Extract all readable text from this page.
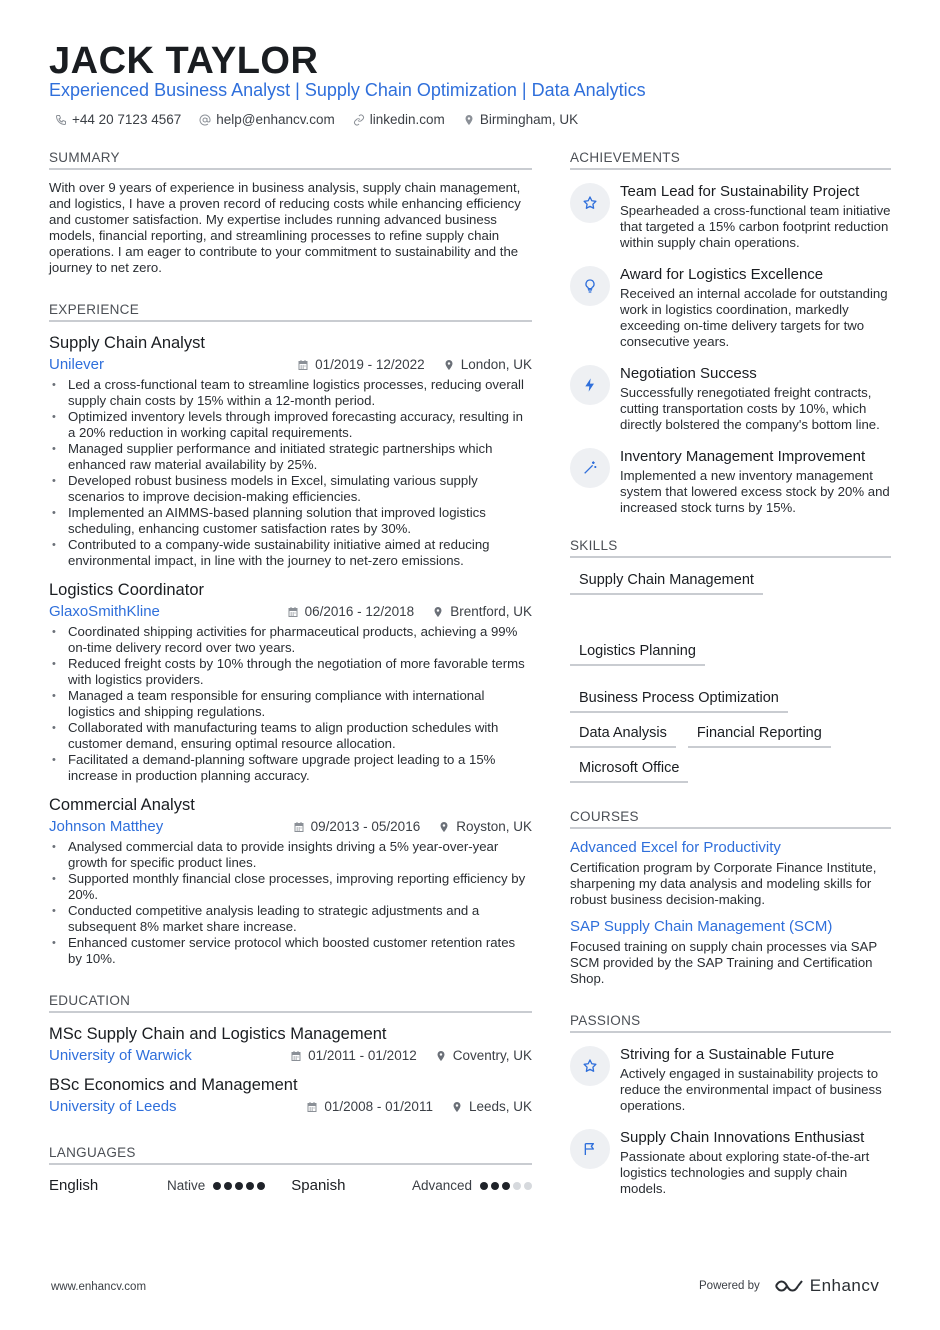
JACK TAYLOR
Experienced Business Analyst | Supply Chain Optimization | Data Analytics
+44 20 7123 4567	help@enhancv.com	linkedin.com	Birmingham, UK
SUMMARY
With over 9 years of experience in business analysis, supply chain management, and logistics, I have a proven record of reducing costs while enhancing efficiency and customer satisfaction. My expertise includes running advanced business models, financial reporting, and streamlining processes to refine supply chain operations. I am eager to contribute to your commitment to sustainability and the journey to net zero.
EXPERIENCE
Supply Chain Analyst
Unilever	01/2019 - 12/2022	London, UK
• Led a cross-functional team to streamline logistics processes, reducing overall supply chain costs by 15% within a 12-month period.
• Optimized inventory levels through improved forecasting accuracy, resulting in a 20% reduction in working capital requirements.
• Managed supplier performance and initiated strategic partnerships which enhanced raw material availability by 25%.
• Developed robust business models in Excel, simulating various supply scenarios to improve decision-making efficiencies.
• Implemented an AIMMS-based planning solution that improved logistics scheduling, enhancing customer satisfaction rates by 30%.
• Contributed to a company-wide sustainability initiative aimed at reducing environmental impact, in line with the journey to net-zero emissions.
Logistics Coordinator
GlaxoSmithKline	06/2016 - 12/2018	Brentford, UK
• Coordinated shipping activities for pharmaceutical products, achieving a 99% on-time delivery record over two years.
• Reduced freight costs by 10% through the negotiation of more favorable terms with logistics providers.
• Managed a team responsible for ensuring compliance with international logistics and shipping regulations.
• Collaborated with manufacturing teams to align production schedules with customer demand, ensuring optimal resource allocation.
• Facilitated a demand-planning software upgrade project leading to a 15% increase in production planning accuracy.
Commercial Analyst
Johnson Matthey	09/2013 - 05/2016	Royston, UK
• Analysed commercial data to provide insights driving a 5% year-over-year growth for specific product lines.
• Supported monthly financial close processes, improving reporting efficiency by 20%.
• Conducted competitive analysis leading to strategic adjustments and a subsequent 8% market share increase.
• Enhanced customer service protocol which boosted customer retention rates by 10%.
EDUCATION
MSc Supply Chain and Logistics Management
University of Warwick	01/2011 - 01/2012	Coventry, UK
BSc Economics and Management
University of Leeds	01/2008 - 01/2011	Leeds, UK
LANGUAGES
English	Native	Spanish	Advanced
ACHIEVEMENTS
Team Lead for Sustainability Project
Spearheaded a cross-functional team initiative that targeted a 15% carbon footprint reduction within supply chain operations.
Award for Logistics Excellence
Received an internal accolade for outstanding work in logistics coordination, markedly exceeding on-time delivery targets for two consecutive years.
Negotiation Success
Successfully renegotiated freight contracts, cutting transportation costs by 10%, which directly bolstered the company's bottom line.
Inventory Management Improvement
Implemented a new inventory management system that lowered excess stock by 20% and increased stock turns by 15%.
SKILLS
Supply Chain Management
Logistics Planning
Business Process Optimization
Data Analysis	Financial Reporting
Microsoft Office
COURSES
Advanced Excel for Productivity
Certification program by Corporate Finance Institute, sharpening my data analysis and modeling skills for robust business decision-making.
SAP Supply Chain Management (SCM)
Focused training on supply chain processes via SAP SCM provided by the SAP Training and Certification Shop.
PASSIONS
Striving for a Sustainable Future
Actively engaged in sustainability projects to reduce the environmental impact of business operations.
Supply Chain Innovations Enthusiast
Passionate about exploring state-of-the-art logistics technologies and supply chain models.
www.enhancv.com	Powered by	Enhancv
